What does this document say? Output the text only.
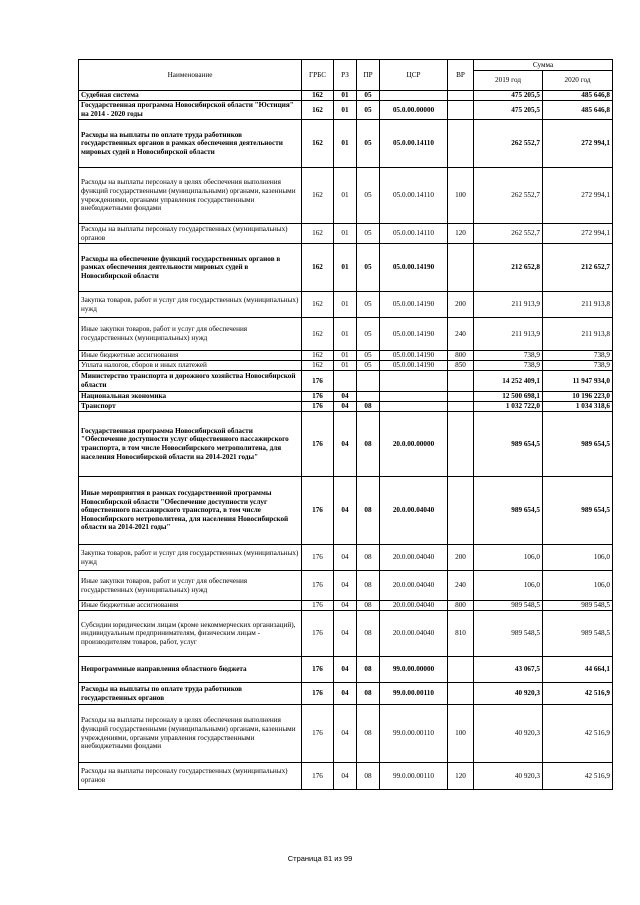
Наименование	ГРБС	РЗ	ПР	ЦСР	ВР	Сумма	
						2019 год	2020 год
Судебная система	162	01	05			475 205,5	485 646,8
Государственная программа Новосибирской области "Юстиция" на 2014 - 2020 годы	162	01	05	05.0.00.00000		475 205,5	485 646,8
Расходы на выплаты по оплате труда работников государственных органов в рамках обеспечения деятельности мировых судей в Новосибирской области	162	01	05	05.0.00.14110		262 552,7	272 994,1
Расходы на выплаты персоналу в целях обеспечения выполнения функций государственными (муниципальными) органами, казенными учреждениями, органами управления государственными внебюджетными фондами	162	01	05	05.0.00.14110	100	262 552,7	272 994,1
Расходы на выплаты персоналу государственных (муниципальных) органов	162	01	05	05.0.00.14110	120	262 552,7	272 994,1
Расходы на обеспечение функций государственных органов в рамках обеспечения деятельности мировых судей в Новосибирской области	162	01	05	05.0.00.14190		212 652,8	212 652,7
Закупка товаров, работ и услуг для государственных (муниципальных) нужд	162	01	05	05.0.00.14190	200	211 913,9	211 913,8
Иные закупки товаров, работ и услуг для обеспечения государственных (муниципальных) нужд	162	01	05	05.0.00.14190	240	211 913,9	211 913,8
Иные бюджетные ассигнования	162	01	05	05.0.00.14190	800	738,9	738,9
Уплата налогов, сборов и иных платежей	162	01	05	05.0.00.14190	850	738,9	738,9
Министерство транспорта и дорожного хозяйства Новосибирской области	176					14 252 409,1	11 947 934,0
Национальная экономика	176	04				12 500 698,1	10 196 223,0
Транспорт	176	04	08			1 032 722,0	1 034 318,6
Государственная программа Новосибирской области "Обеспечение доступности услуг общественного пассажирского транспорта, в том числе Новосибирского метрополитена, для населения Новосибирской области на 2014-2021 годы"	176	04	08	20.0.00.00000		989 654,5	989 654,5
Иные мероприятия в рамках государственной программы Новосибирской области "Обеспечение доступности услуг общественного пассажирского транспорта, в том числе Новосибирского метрополитена, для населения Новосибирской области на 2014-2021 годы"	176	04	08	20.0.00.04040		989 654,5	989 654,5
Закупка товаров, работ и услуг для государственных (муниципальных) нужд	176	04	08	20.0.00.04040	200	106,0	106,0
Иные закупки товаров, работ и услуг для обеспечения государственных (муниципальных) нужд	176	04	08	20.0.00.04040	240	106,0	106,0
Иные бюджетные ассигнования	176	04	08	20.0.00.04040	800	989 548,5	989 548,5
Субсидии юридическим лицам (кроме некоммерческих организаций), индивидуальным предпринимателям, физическим лицам - производителям товаров, работ, услуг	176	04	08	20.0.00.04040	810	989 548,5	989 548,5
Непрограммные направления областного бюджета	176	04	08	99.0.00.00000		43 067,5	44 664,1
Расходы на выплаты по оплате труда работников государственных органов	176	04	08	99.0.00.00110		40 920,3	42 516,9
Расходы на выплаты персоналу в целях обеспечения выполнения функций государственными (муниципальными) органами, казенными учреждениями, органами управления государственными внебюджетными фондами	176	04	08	99.0.00.00110	100	40 920,3	42 516,9
Расходы на выплаты персоналу государственных (муниципальных) органов	176	04	08	99.0.00.00110	120	40 920,3	42 516,9
Страница 81 из 99
